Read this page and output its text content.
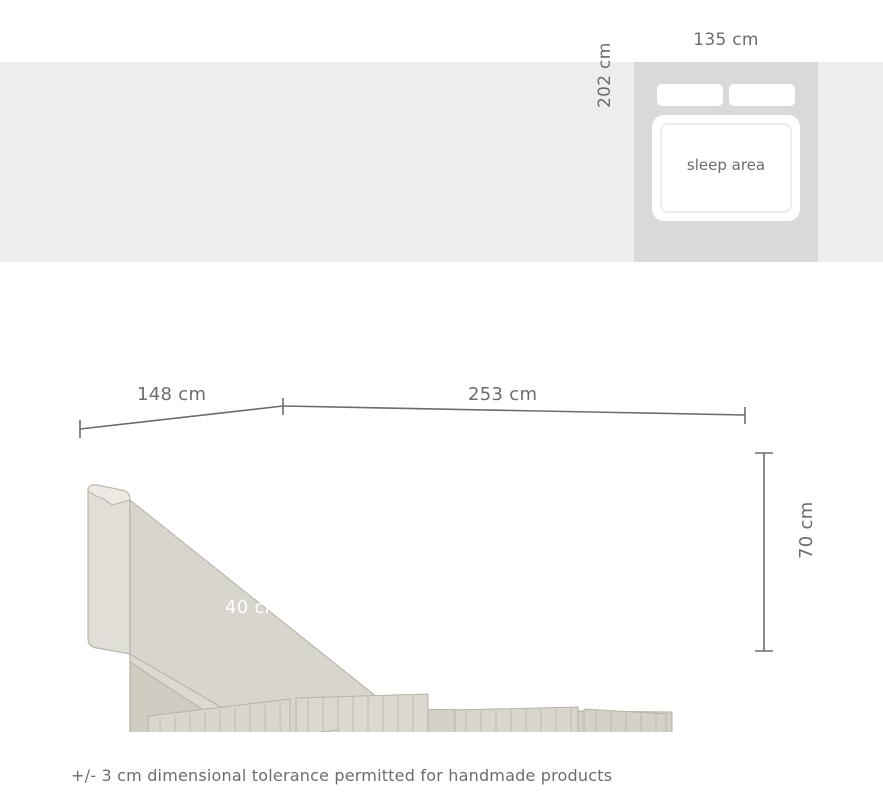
135 cm
202 cm
sleep area
148 cm	253 cm
70 cm
40 cm
+/- 3 cm dimensional tolerance permitted for handmade products
